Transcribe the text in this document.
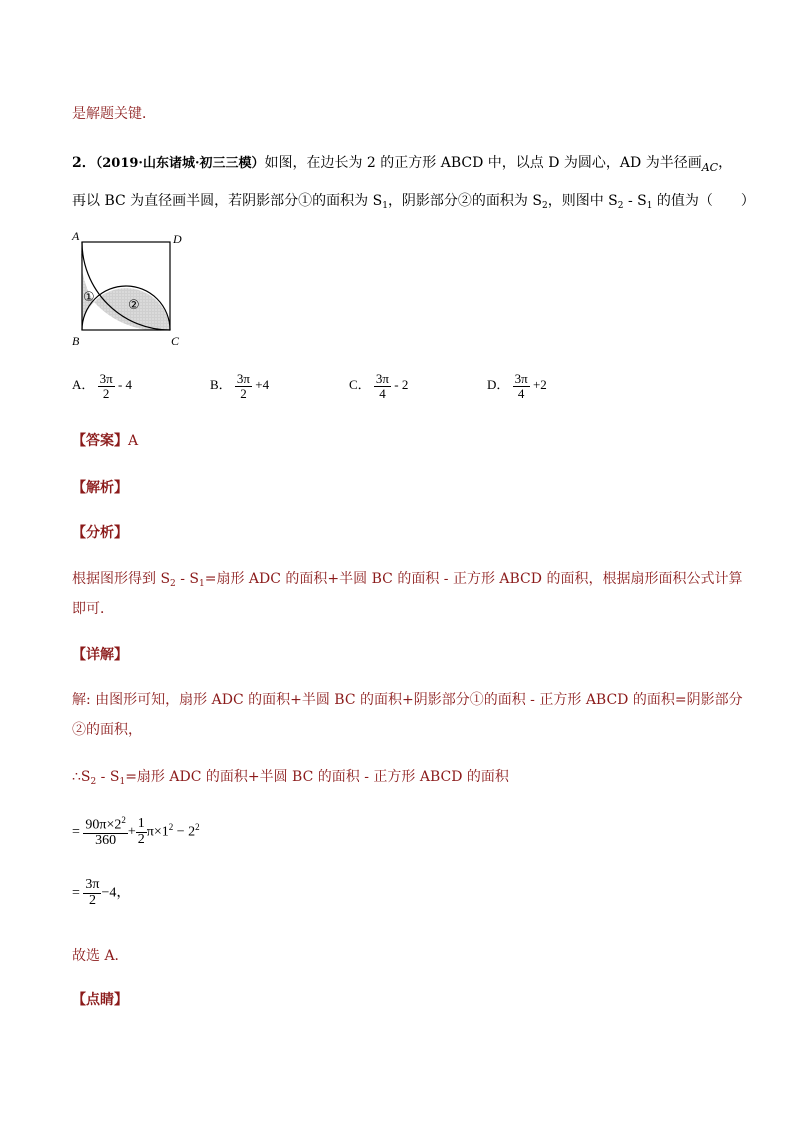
是解题关键．
2．（2019·山东诸城·初三三模）如图，在边长为 2 的正方形 ABCD 中，以点 D 为圆心，AD 为半径画$_{AC}$，
再以 BC 为直径画半圆，若阴影部分①的面积为 $S_1$，阴影部分②的面积为 $S_2$，则图中 $S_2 - S_1$ 的值为（　　）
A	D
B	C
①
②
A． $\frac{3\pi}{2} - 4$	B． $\frac{3\pi}{2} +4$	C． $\frac{3\pi}{4} - 2$	D． $\frac{3\pi}{4} +2$
【答案】A
【解析】
【分析】
根据图形得到 $S_2 - S_1=$扇形 ADC 的面积+半圆 BC 的面积 - 正方形 ABCD 的面积，根据扇形面积公式计算
即可．
【详解】
解: 由图形可知，扇形 ADC 的面积+半圆 BC 的面积+阴影部分①的面积 - 正方形 ABCD 的面积=阴影部分
②的面积，
$\therefore S_2 - S_1=$扇形 ADC 的面积+半圆 BC 的面积 - 正方形 ABCD 的面积
= $\frac{90\pi\times 2^2}{360} + \frac{1}{2} \pi\times 1^2 - 2^2$
= $\frac{3\pi}{2} -4$，
故选 A．
【点睛】
